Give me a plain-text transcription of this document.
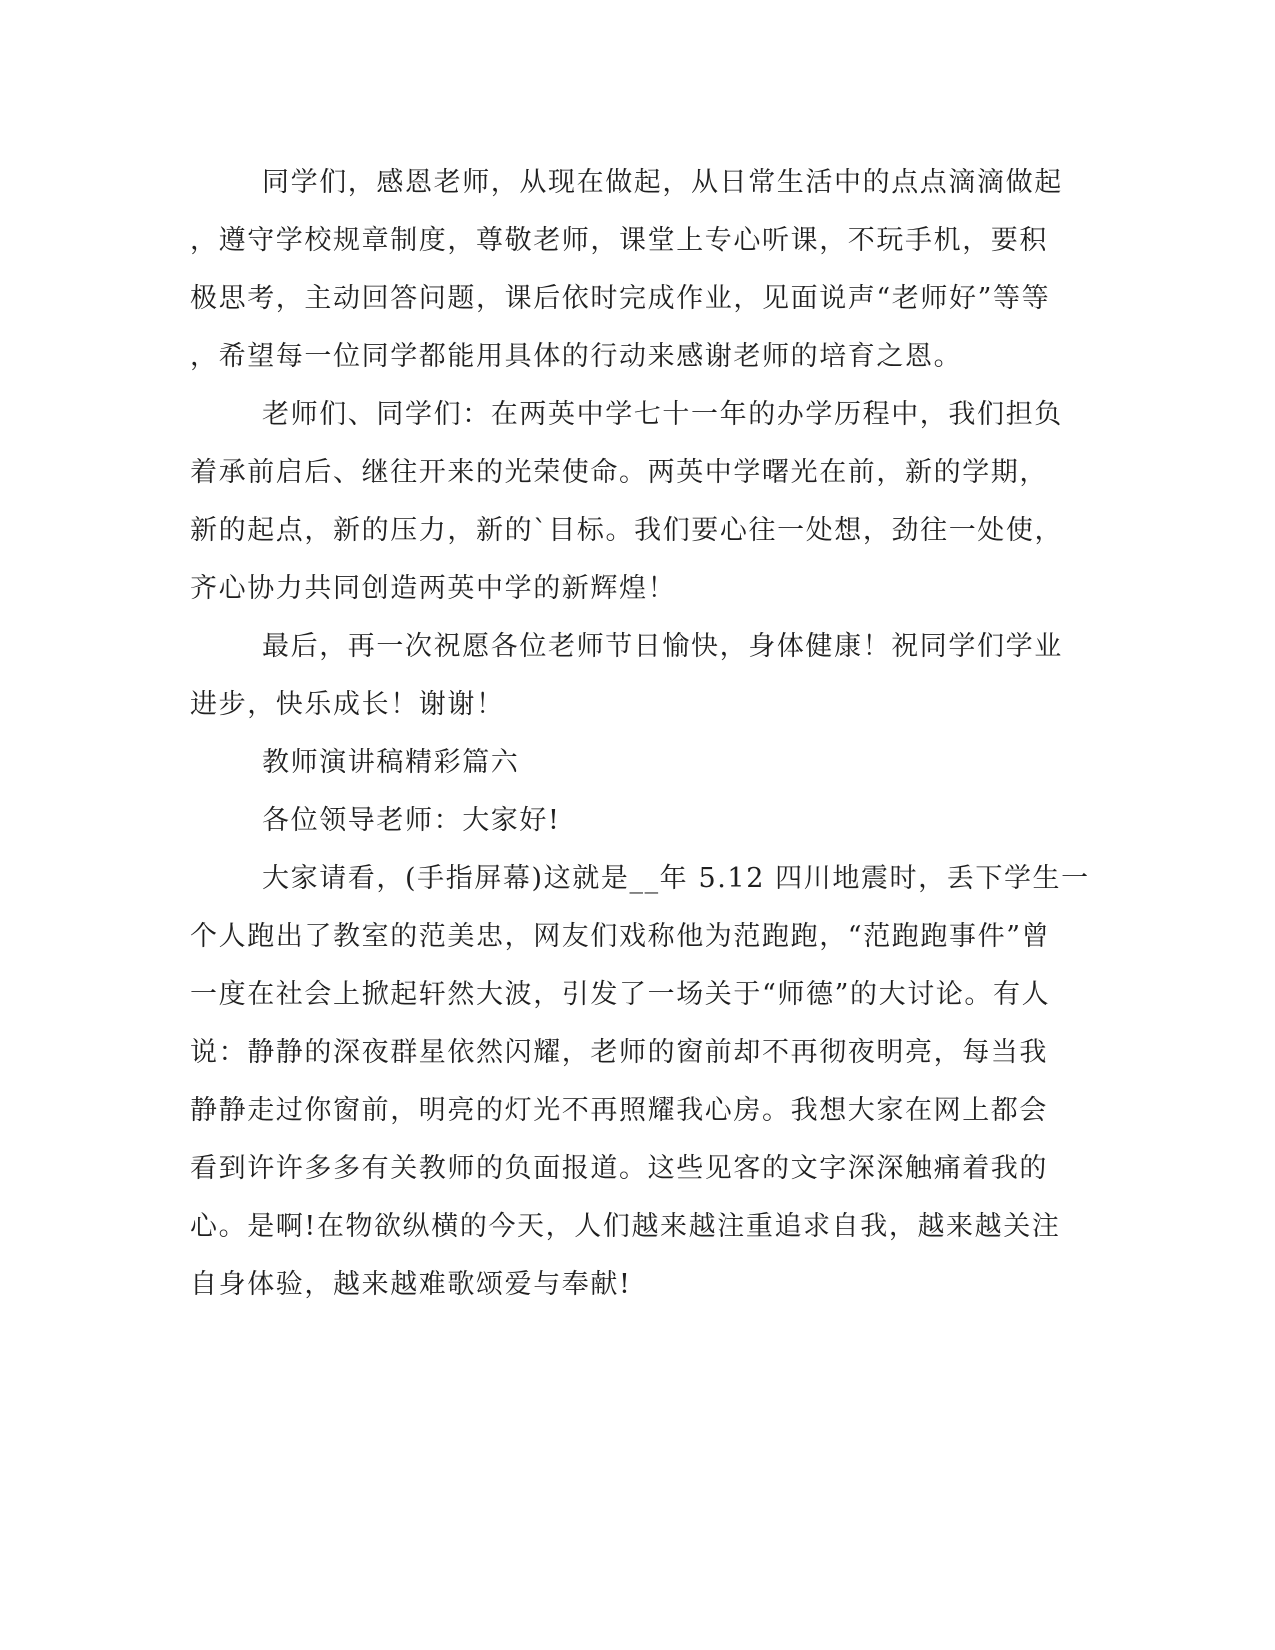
同学们，感恩老师，从现在做起，从日常生活中的点点滴滴做起
，遵守学校规章制度，尊敬老师，课堂上专心听课，不玩手机，要积
极思考，主动回答问题，课后依时完成作业，见面说声“老师好”等等
，希望每一位同学都能用具体的行动来感谢老师的培育之恩。
老师们、同学们：在两英中学七十一年的办学历程中，我们担负
着承前启后、继往开来的光荣使命。两英中学曙光在前，新的学期，
新的起点，新的压力，新的`目标。我们要心往一处想，劲往一处使，
齐心协力共同创造两英中学的新辉煌！
最后，再一次祝愿各位老师节日愉快，身体健康！祝同学们学业
进步，快乐成长！谢谢！
教师演讲稿精彩篇六
各位领导老师：大家好!
大家请看，(手指屏幕)这就是__年 5.12 四川地震时，丢下学生一
个人跑出了教室的范美忠，网友们戏称他为范跑跑，“范跑跑事件”曾
一度在社会上掀起轩然大波，引发了一场关于“师德”的大讨论。有人
说：静静的深夜群星依然闪耀，老师的窗前却不再彻夜明亮，每当我
静静走过你窗前，明亮的灯光不再照耀我心房。我想大家在网上都会
看到许许多多有关教师的负面报道。这些见客的文字深深触痛着我的
心。是啊!在物欲纵横的今天，人们越来越注重追求自我，越来越关注
自身体验，越来越难歌颂爱与奉献!
